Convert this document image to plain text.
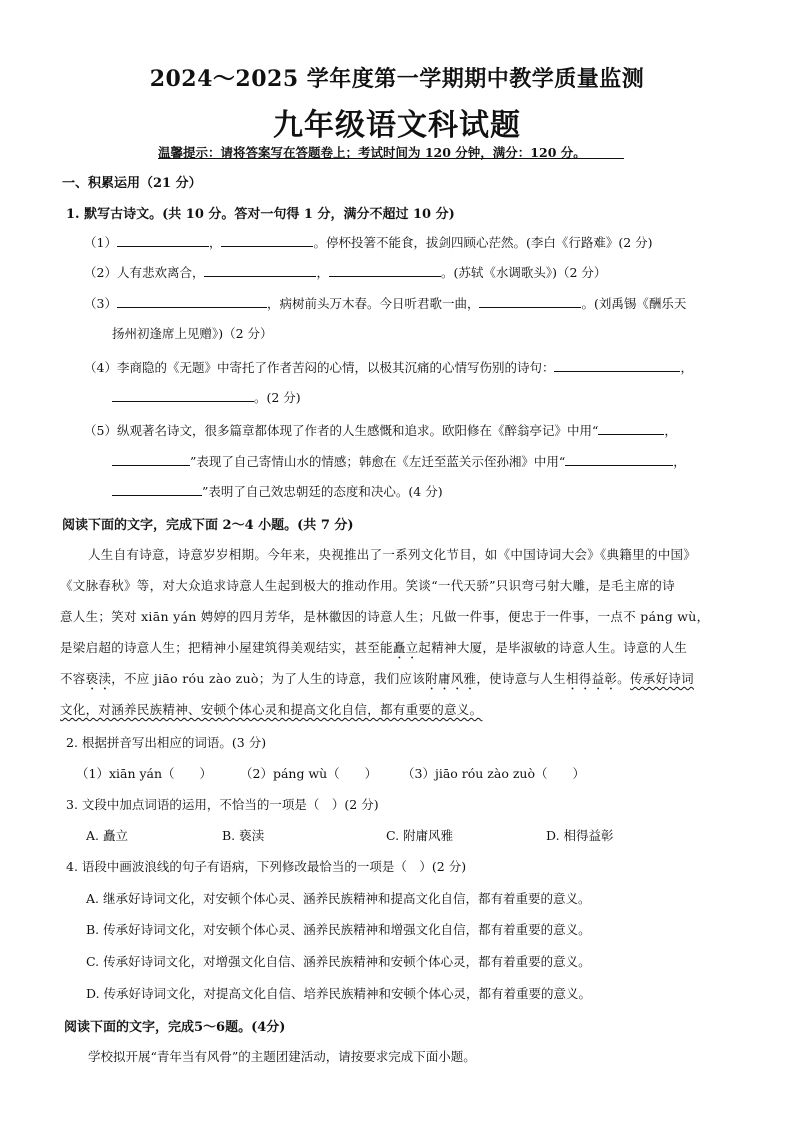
2024～2025 学年度第一学期期中教学质量监测
九年级语文科试题
温馨提示：请将答案写在答题卷上；考试时间为 120 分钟，满分：120 分。
一、积累运用（21 分）
1. 默写古诗文。(共 10 分。答对一句得 1 分，满分不超过 10 分)
（1）	，	。停杯投箸不能食，拔剑四顾心茫然。(李白《行路难》(2 分)
（2）人有悲欢离合，	，	。(苏轼《水调歌头》)（2 分）
（3）	，病树前头万木春。今日听君歌一曲，	。(刘禹锡《酬乐天
扬州初逢席上见赠》)（2 分）
（4）李商隐的《无题》中寄托了作者苦闷的心情，以极其沉痛的心情写伤别的诗句：	，
。(2 分)
（5）纵观著名诗文，很多篇章都体现了作者的人生感慨和追求。欧阳修在《醉翁亭记》中用“	，
”表现了自己寄情山水的情感；韩愈在《左迁至蓝关示侄孙湘》中用“	，
”表明了自己效忠朝廷的态度和决心。(4 分)
阅读下面的文字，完成下面 2～4 小题。(共 7 分)
人生自有诗意，诗意岁岁相期。今年来，央视推出了一系列文化节目，如《中国诗词大会》《典籍里的中国》
《文脉春秋》等，对大众追求诗意人生起到极大的推动作用。笑谈“一代天骄”只识弯弓射大雕，是毛主席的诗
意人生；笑对 xiān yán 娉婷的四月芳华，是林徽因的诗意人生；凡做一件事，便忠于一件事，一点不 páng wù，
是梁启超的诗意人生；把精神小屋建筑得美观结实，甚至能矗立起精神大厦，是毕淑敏的诗意人生。诗意的人生
不容亵渎，不应 jiāo róu zào zuò；为了人生的诗意，我们应该附庸风雅，使诗意与人生相得益彰。传承好诗词
文化，对涵养民族精神、安顿个体心灵和提高文化自信，都有重要的意义。
2. 根据拼音写出相应的词语。(3 分)
（1）xiān yán（　　） （2）páng wù（　　） （3）jiāo róu zào zuò（　　）
3. 文段中加点词语的运用，不恰当的一项是（　）(2 分)
A. 矗立	B. 亵渎	C. 附庸风雅	D. 相得益彰
4. 语段中画波浪线的句子有语病，下列修改最恰当的一项是（　）(2 分)
A. 继承好诗词文化，对安顿个体心灵、涵养民族精神和提高文化自信，都有着重要的意义。
B. 传承好诗词文化，对安顿个体心灵、涵养民族精神和增强文化自信，都有着重要的意义。
C. 传承好诗词文化，对增强文化自信、涵养民族精神和安顿个体心灵，都有着重要的意义。
D. 传承好诗词文化，对提高文化自信、培养民族精神和安顿个体心灵，都有着重要的意义。
阅读下面的文字，完成5～6题。(4分)
学校拟开展“青年当有风骨”的主题团建活动，请按要求完成下面小题。
